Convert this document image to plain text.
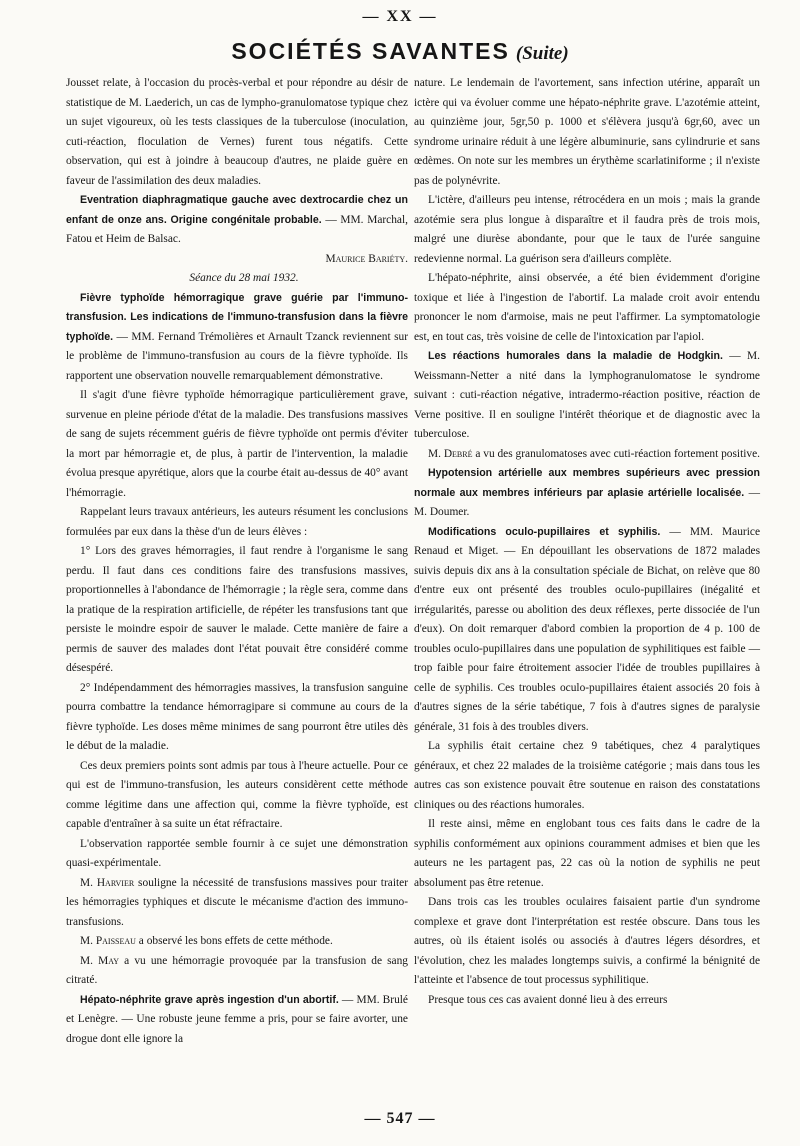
— XX —
SOCIÉTÉS SAVANTES (Suite)

Jousset relate, à l'occasion du procès-verbal et pour répondre au désir de statistique de M. Laederich, un cas de lympho-granulomatose typique chez un sujet vigoureux, où les tests classiques de la tuberculose (inoculation, cuti-réaction, floculation de Vernes) furent tous négatifs. Cette observation, qui est à joindre à beaucoup d'autres, ne plaide guère en faveur de l'assimilation des deux maladies.

Eventration diaphragmatique gauche avec dextrocardie chez un enfant de onze ans. Origine congénitale probable. — MM. Marchal, Fatou et Heim de Balsac.

Maurice Bariéty.

Séance du 28 mai 1932.

Fièvre typhoïde hémorragique grave guérie par l'immuno-transfusion. Les indications de l'immuno-transfusion dans la fièvre typhoïde. — MM. Fernand Trémolières et Arnault Tzanck reviennent sur le problème de l'immuno-transfusion au cours de la fièvre typhoïde. Ils rapportent une observation nouvelle remarquablement démonstrative.

Il s'agit d'une fièvre typhoïde hémorragique particulièrement grave, survenue en pleine période d'état de la maladie. Des transfusions massives de sang de sujets récemment guéris de fièvre typhoïde ont permis d'éviter la mort par hémorragie et, de plus, à partir de l'intervention, la maladie évolua presque apyrétique, alors que la courbe était au-dessus de 40° avant l'hémorragie.

Rappelant leurs travaux antérieurs, les auteurs résument les conclusions formulées par eux dans la thèse d'un de leurs élèves :

1° Lors des graves hémorragies, il faut rendre à l'organisme le sang perdu. Il faut dans ces conditions faire des transfusions massives, proportionnelles à l'abondance de l'hémorragie ; la règle sera, comme dans la pratique de la respiration artificielle, de répéter les transfusions tant que persiste le moindre espoir de sauver le malade. Cette manière de faire a permis de sauver des malades dont l'état pouvait être considéré comme désespéré.

2° Indépendamment des hémorragies massives, la transfusion sanguine pourra combattre la tendance hémorragipare si commune au cours de la fièvre typhoïde. Les doses même minimes de sang pourront être utiles dès le début de la maladie.

Ces deux premiers points sont admis par tous à l'heure actuelle. Pour ce qui est de l'immuno-transfusion, les auteurs considèrent cette méthode comme légitime dans une affection qui, comme la fièvre typhoïde, est capable d'entraîner à sa suite un état réfractaire.

L'observation rapportée semble fournir à ce sujet une démonstration quasi-expérimentale.

M. Harvier souligne la nécessité de transfusions massives pour traiter les hémorragies typhiques et discute le mécanisme d'action des immuno-transfusions.

M. Paisseau a observé les bons effets de cette méthode.

M. May a vu une hémorragie provoquée par la transfusion de sang citraté.

Hépato-néphrite grave après ingestion d'un abortif. — MM. Brulé et Lenègre. — Une robuste jeune femme a pris, pour se faire avorter, une drogue dont elle ignore la

nature. Le lendemain de l'avortement, sans infection utérine, apparaît un ictère qui va évoluer comme une hépato-néphrite grave. L'azotémie atteint, au quinzième jour, 5gr,50 p. 1000 et s'élèvera jusqu'à 6gr,60, avec un syndrome urinaire réduit à une légère albuminurie, sans cylindrurie et sans œdèmes. On note sur les membres un érythème scarlatiniforme ; il n'existe pas de polynévrite.

L'ictère, d'ailleurs peu intense, rétrocédera en un mois ; mais la grande azotémie sera plus longue à disparaître et il faudra près de trois mois, malgré une diurèse abondante, pour que le taux de l'urée sanguine redevienne normal. La guérison sera d'ailleurs complète.

L'hépato-néphrite, ainsi observée, a été bien évidemment d'origine toxique et liée à l'ingestion de l'abortif. La malade croit avoir entendu prononcer le nom d'armoise, mais ne peut l'affirmer. La symptomatologie est, en tout cas, très voisine de celle de l'intoxication par l'apiol.

Les réactions humorales dans la maladie de Hodgkin. — M. Weissmann-Netter a nité dans la lymphogranulomatose le syndrome suivant : cuti-réaction négative, intradermo-réaction positive, réaction de Verne positive. Il en souligne l'intérêt théorique et de diagnostic avec la tuberculose.

M. Debré a vu des granulomatoses avec cuti-réaction fortement positive.

Hypotension artérielle aux membres supérieurs avec pression normale aux membres inférieurs par aplasie artérielle localisée. — M. Doumer.

Modifications oculo-pupillaires et syphilis. — MM. Maurice Renaud et Miget. — En dépouillant les observations de 1872 malades suivis depuis dix ans à la consultation spéciale de Bichat, on relève que 80 d'entre eux ont présenté des troubles oculo-pupillaires (inégalité et irrégularités, paresse ou abolition des deux réflexes, perte dissociée de l'un d'eux). On doit remarquer d'abord combien la proportion de 4 p. 100 de troubles oculo-pupillaires dans une population de syphilitiques est faible — trop faible pour faire étroitement associer l'idée de troubles pupillaires à celle de syphilis. Ces troubles oculo-pupillaires étaient associés 20 fois à d'autres signes de la série tabétique, 7 fois à d'autres signes de paralysie générale, 31 fois à des troubles divers.

La syphilis était certaine chez 9 tabétiques, chez 4 paralytiques généraux, et chez 22 malades de la troisième catégorie ; mais dans tous les autres cas son existence pouvait être soutenue en raison des constatations cliniques ou des réactions humorales.

Il reste ainsi, même en englobant tous ces faits dans le cadre de la syphilis conformément aux opinions couramment admises et bien que les auteurs ne les partagent pas, 22 cas où la notion de syphilis ne peut absolument pas être retenue.

Dans trois cas les troubles oculaires faisaient partie d'un syndrome complexe et grave dont l'interprétation est restée obscure. Dans tous les autres, où ils étaient isolés ou associés à d'autres légers désordres, et l'évolution, chez les malades longtemps suivis, a confirmé la bénignité de l'atteinte et l'absence de tout processus syphilitique.

Presque tous ces cas avaient donné lieu à des erreurs

— 547 —
